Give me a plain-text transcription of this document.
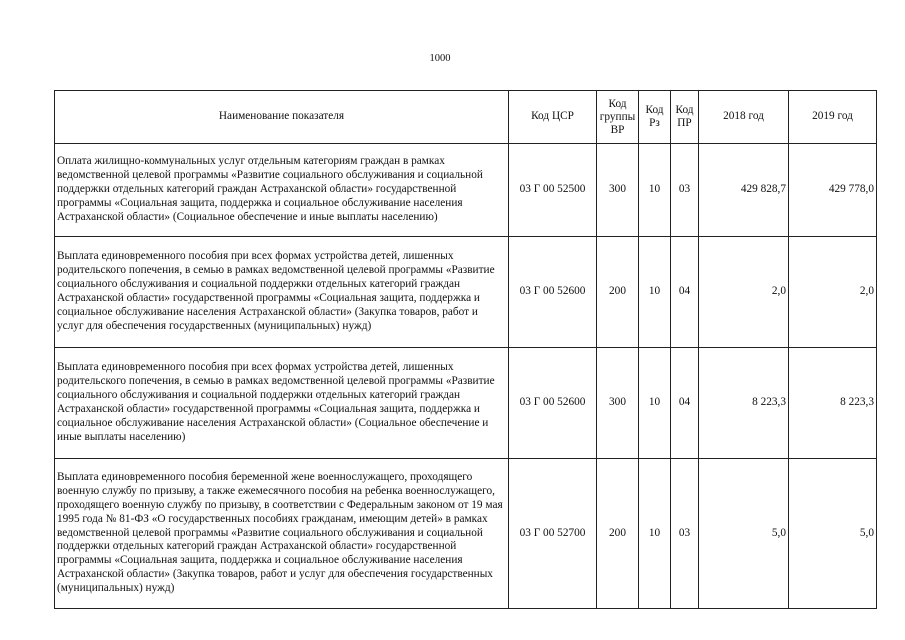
1000
Наименование показателя	Код ЦСР	Код группы ВР	Код Рз	Код ПР	2018 год	2019 год
Оплата жилищно-коммунальных услуг отдельным категориям граждан в рамках ведомственной целевой программы «Развитие социального обслуживания и социальной поддержки отдельных категорий граждан Астраханской области» государственной программы «Социальная защита, поддержка и социальное обслуживание населения Астраханской области» (Социальное обеспечение и иные выплаты населению)	03 Г 00 52500	300	10	03	429 828,7	429 778,0
Выплата единовременного пособия при всех формах устройства детей, лишенных родительского попечения, в семью в рамках ведомственной целевой программы «Развитие социального обслуживания и социальной поддержки отдельных категорий граждан Астраханской области» государственной программы «Социальная защита, поддержка и социальное обслуживание населения Астраханской области» (Закупка товаров, работ и услуг для обеспечения государственных (муниципальных) нужд)	03 Г 00 52600	200	10	04	2,0	2,0
Выплата единовременного пособия при всех формах устройства детей, лишенных родительского попечения, в семью в рамках ведомственной целевой программы «Развитие социального обслуживания и социальной поддержки отдельных категорий граждан Астраханской области» государственной программы «Социальная защита, поддержка и социальное обслуживание населения Астраханской области» (Социальное обеспечение и иные выплаты населению)	03 Г 00 52600	300	10	04	8 223,3	8 223,3
Выплата единовременного пособия беременной жене военнослужащего, проходящего военную службу по призыву, а также ежемесячного пособия на ребенка военнослужащего, проходящего военную службу по призыву, в соответствии с Федеральным законом от 19 мая 1995 года № 81-ФЗ «О государственных пособиях гражданам, имеющим детей» в рамках ведомственной целевой программы «Развитие социального обслуживания и социальной поддержки отдельных категорий граждан Астраханской области» государственной программы «Социальная защита, поддержка и социальное обслуживание населения Астраханской области» (Закупка товаров, работ и услуг для обеспечения государственных (муниципальных) нужд)	03 Г 00 52700	200	10	03	5,0	5,0
